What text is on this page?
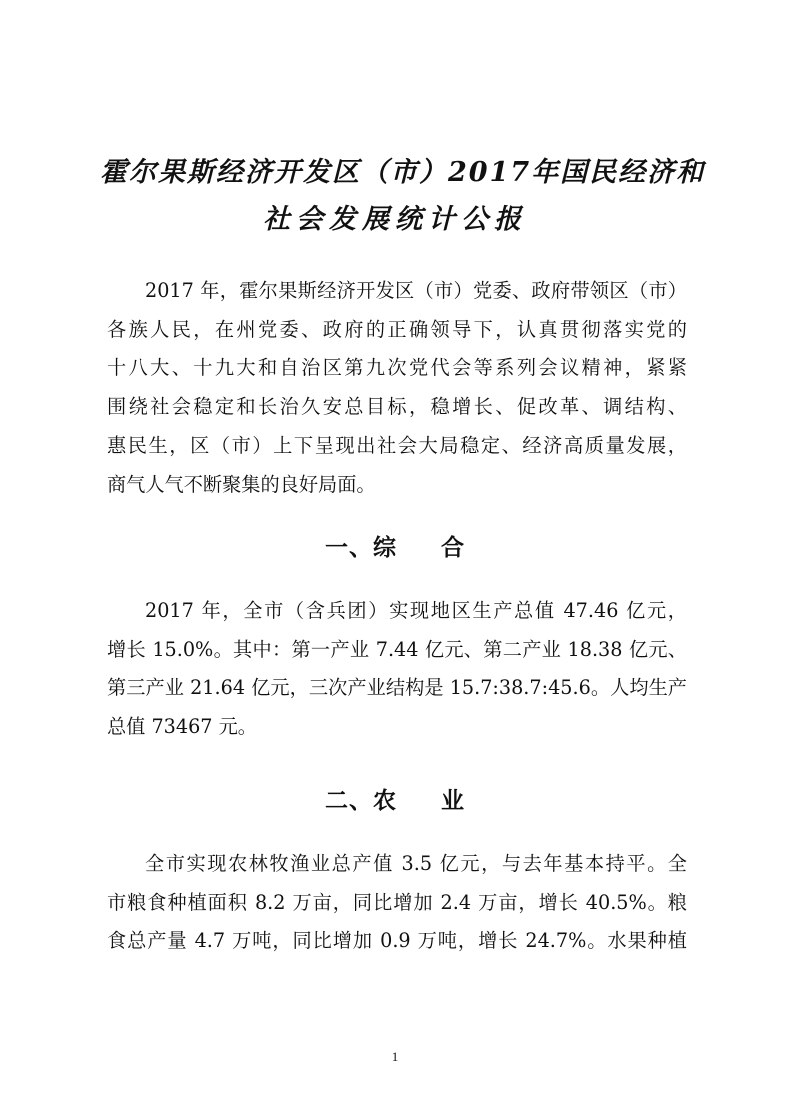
霍尔果斯经济开发区（市）2017年国民经济和
社会发展统计公报
2017 年，霍尔果斯经济开发区（市）党委、政府带领区（市）
各族人民，在州党委、政府的正确领导下，认真贯彻落实党的
十八大、十九大和自治区第九次党代会等系列会议精神，紧紧
围绕社会稳定和长治久安总目标，稳增长、促改革、调结构、
惠民生，区（市）上下呈现出社会大局稳定、经济高质量发展，
商气人气不断聚集的良好局面。
一、综 合
2017 年，全市（含兵团）实现地区生产总值 47.46 亿元，
增长 15.0%。其中：第一产业 7.44 亿元、第二产业 18.38 亿元、
第三产业 21.64 亿元，三次产业结构是 15.7:38.7:45.6。人均生产
总值 73467 元。
二、农 业
全市实现农林牧渔业总产值 3.5 亿元，与去年基本持平。全
市粮食种植面积 8.2 万亩，同比增加 2.4 万亩，增长 40.5%。粮
食总产量 4.7 万吨，同比增加 0.9 万吨，增长 24.7%。水果种植
1
